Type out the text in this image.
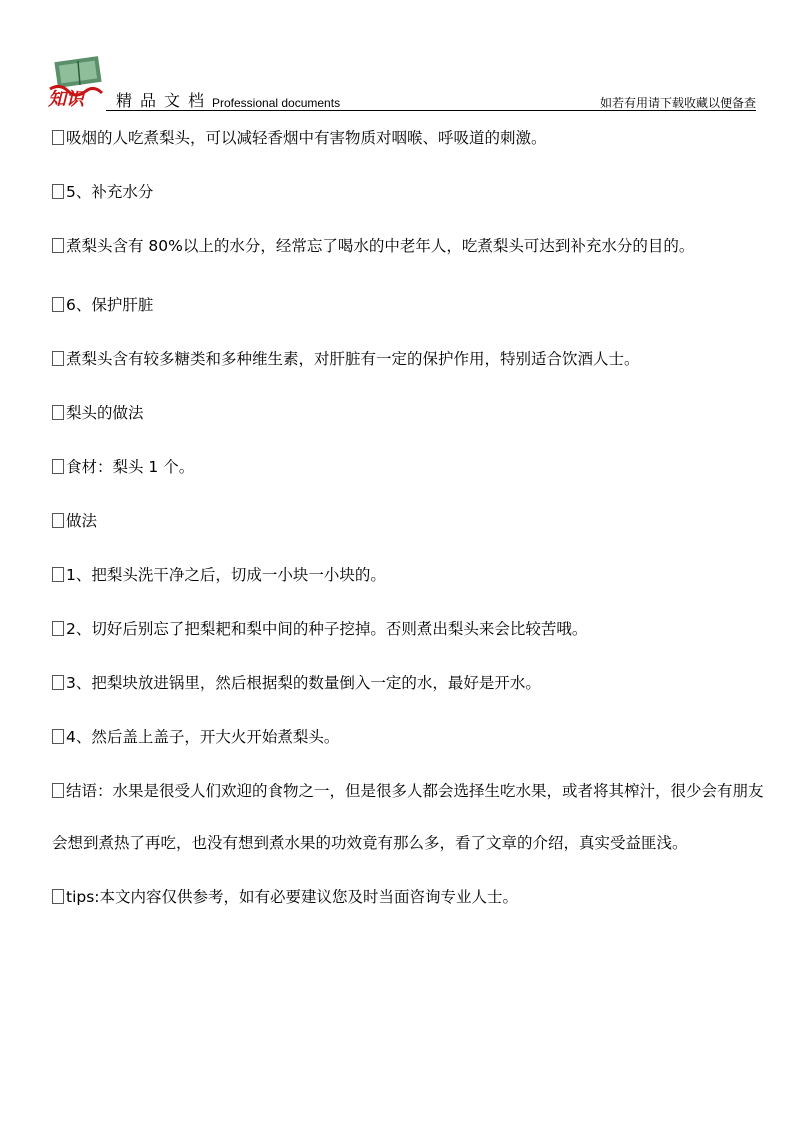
知识 精品文档 Professional documents	如若有用请下载收藏以便备查

吸烟的人吃煮梨头，可以减轻香烟中有害物质对咽喉、呼吸道的刺激。

5、补充水分

煮梨头含有 80%以上的水分，经常忘了喝水的中老年人，吃煮梨头可达到补充水分的目的。

6、保护肝脏

煮梨头含有较多糖类和多种维生素，对肝脏有一定的保护作用，特别适合饮酒人士。

梨头的做法

食材：梨头 1 个。

做法

1、把梨头洗干净之后，切成一小块一小块的。

2、切好后别忘了把梨耙和梨中间的种子挖掉。否则煮出梨头来会比较苦哦。

3、把梨块放进锅里，然后根据梨的数量倒入一定的水，最好是开水。

4、然后盖上盖子，开大火开始煮梨头。

结语：水果是很受人们欢迎的食物之一，但是很多人都会选择生吃水果，或者将其榨汁，很少会有朋友会想到煮热了再吃，也没有想到煮水果的功效竟有那么多，看了文章的介绍，真实受益匪浅。

tips:本文内容仅供参考，如有必要建议您及时当面咨询专业人士。
